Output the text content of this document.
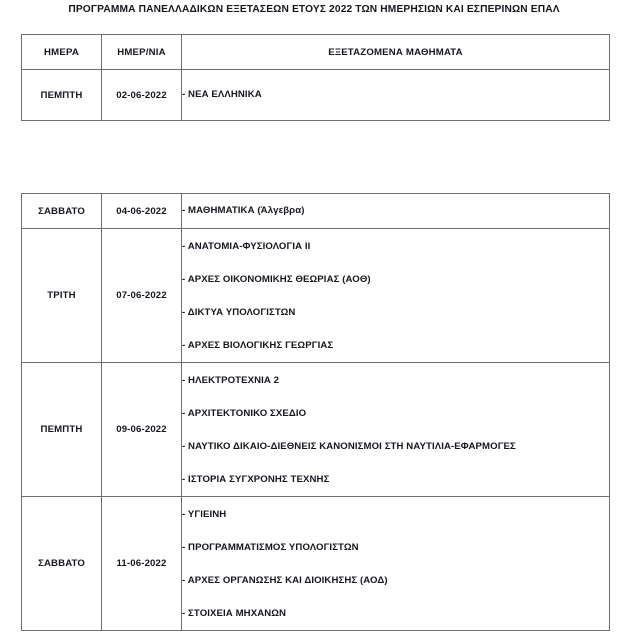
ΠΡΟΓΡΑΜΜΑ ΠΑΝΕΛΛΑΔΙΚΩΝ ΕΞΕΤΑΣΕΩΝ ΕΤΟΥΣ 2022 ΤΩΝ ΗΜΕΡΗΣΙΩΝ ΚΑΙ ΕΣΠΕΡΙΝΩΝ ΕΠΑΛ
ΗΜΕΡΑ	ΗΜΕΡ/ΝΙΑ	ΕΞΕΤΑΖΟΜΕΝΑ ΜΑΘΗΜΑΤΑ
ΠΕΜΠΤΗ	02-06-2022	- ΝΕΑ ΕΛΛΗΝΙΚΑ
ΣΑΒΒΑΤΟ	04-06-2022	- ΜΑΘΗΜΑΤΙΚΑ (Άλγεβρα)

ΤΡΙΤΗ	07-06-2022	
- ΑΝΑΤΟΜΙΑ-ΦΥΣΙΟΛΟΓΙΑ II
- ΑΡΧΕΣ ΟΙΚΟΝΟΜΙΚΗΣ ΘΕΩΡΙΑΣ (ΑΟΘ)
- ΔΙΚΤΥΑ ΥΠΟΛΟΓΙΣΤΩΝ
- ΑΡΧΕΣ ΒΙΟΛΟΓΙΚΗΣ ΓΕΩΡΓΙΑΣ

ΠΕΜΠΤΗ	09-06-2022	
- ΗΛΕΚΤΡΟΤΕΧΝΙΑ 2
- ΑΡΧΙΤΕΚΤΟΝΙΚΟ ΣΧΕΔΙΟ
- ΝΑΥΤΙΚΟ ΔΙΚΑΙΟ-ΔΙΕΘΝΕΙΣ ΚΑΝΟΝΙΣΜΟΙ ΣΤΗ ΝΑΥΤΙΛΙΑ-ΕΦΑΡΜΟΓΕΣ
- ΙΣΤΟΡΙΑ ΣΥΓΧΡΟΝΗΣ ΤΕΧΝΗΣ

ΣΑΒΒΑΤΟ	11-06-2022	
- ΥΓΙΕΙΝΗ
- ΠΡΟΓΡΑΜΜΑΤΙΣΜΟΣ ΥΠΟΛΟΓΙΣΤΩΝ
- ΑΡΧΕΣ ΟΡΓΑΝΩΣΗΣ ΚΑΙ ΔΙΟΙΚΗΣΗΣ (ΑΟΔ)
- ΣΤΟΙΧΕΙΑ ΜΗΧΑΝΩΝ
